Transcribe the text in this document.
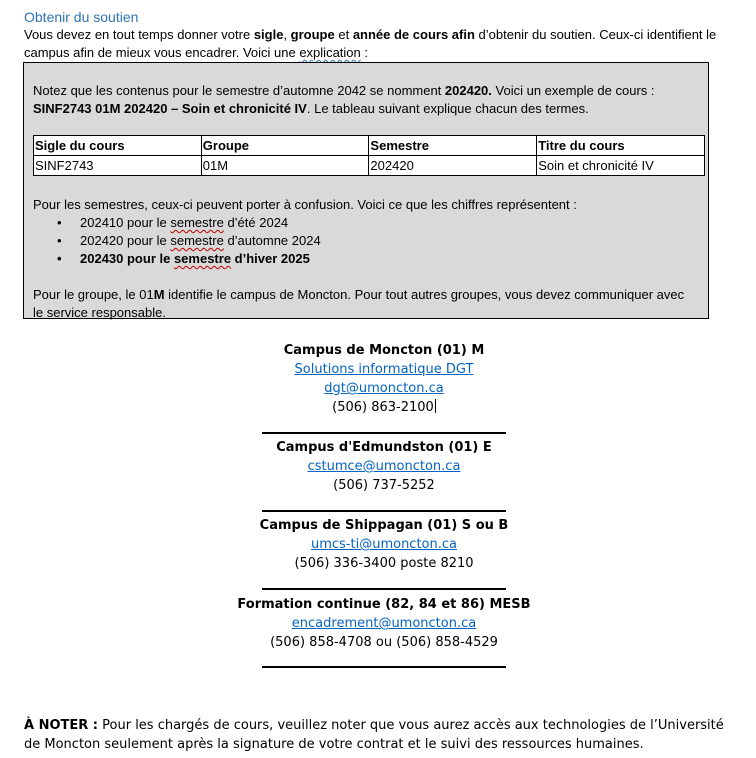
Obtenir du soutien
Vous devez en tout temps donner votre sigle, groupe et année de cours afin d’obtenir du soutien. Ceux-ci identifient le campus afin de mieux vous encadrer. Voici une explication :
Notez que les contenus pour le semestre d’automne 2042 se nomment 202420. Voici un exemple de cours : SINF2743 01M 202420 – Soin et chronicité IV. Le tableau suivant explique chacun des termes.
Sigle du cours	Groupe	Semestre	Titre du cours
SINF2743	01M	202420	Soin et chronicité IV
Pour les semestres, ceux-ci peuvent porter à confusion. Voici ce que les chiffres représentent :
• 202410 pour le semestre d’été 2024
• 202420 pour le semestre d’automne 2024
• 202430 pour le semestre d’hiver 2025
Pour le groupe, le 01M identifie le campus de Moncton. Pour tout autres groupes, vous devez communiquer avec le service responsable.
Campus de Moncton (01) M
Solutions informatique DGT
dgt@umoncton.ca
(506) 863-2100
Campus d'Edmundston (01) E
cstumce@umoncton.ca
(506) 737-5252
Campus de Shippagan (01) S ou B
umcs-ti@umoncton.ca
(506) 336-3400 poste 8210
Formation continue (82, 84 et 86) MESB
encadrement@umoncton.ca
(506) 858-4708 ou (506) 858-4529
À NOTER : Pour les chargés de cours, veuillez noter que vous aurez accès aux technologies de l’Université de Moncton seulement après la signature de votre contrat et le suivi des ressources humaines.
